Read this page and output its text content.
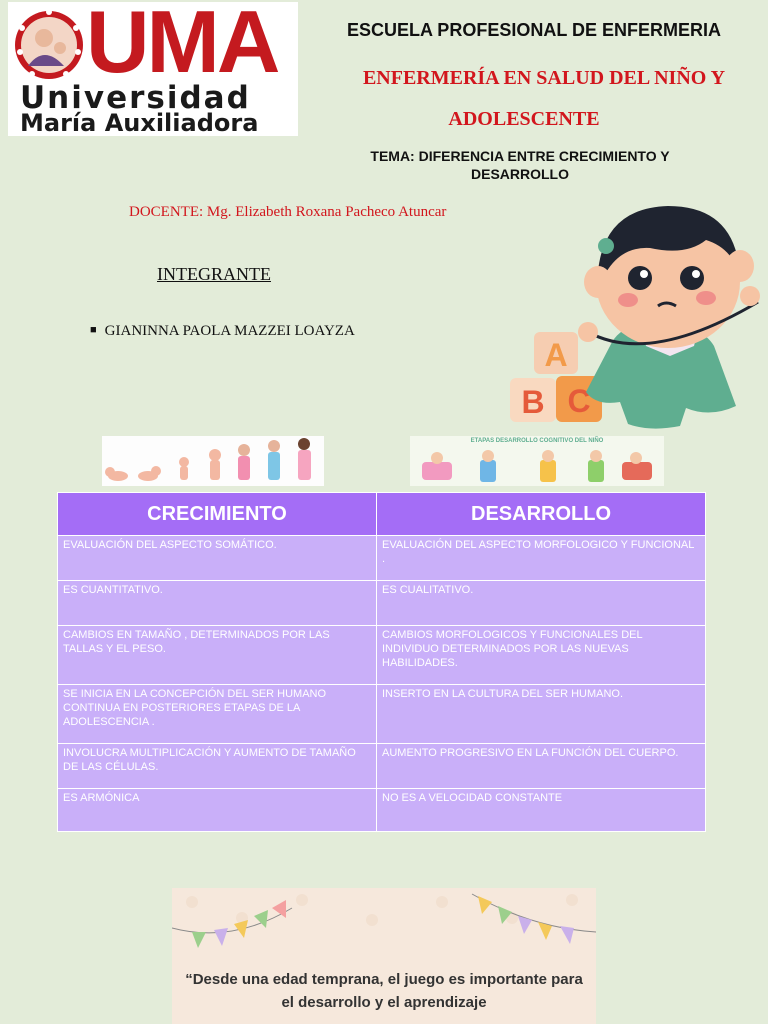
UMA
Universidad
María Auxiliadora
ESCUELA PROFESIONAL DE ENFERMERIA
ENFERMERÍA EN SALUD DEL NIÑO Y
ADOLESCENTE
TEMA: DIFERENCIA ENTRE CRECIMIENTO Y DESARROLLO
DOCENTE: Mg. Elizabeth Roxana Pacheco Atuncar
INTEGRANTE
■ GIANINNA PAOLA MAZZEI LOAYZA
A
B C
ETAPAS DESARROLLO COGNITIVO DEL NIÑO
CRECIMIENTO	DESARROLLO
EVALUACIÓN DEL ASPECTO SOMÁTICO.	EVALUACIÓN DEL ASPECTO MORFOLOGICO Y FUNCIONAL .
ES CUANTITATIVO.	ES CUALITATIVO.
CAMBIOS EN TAMAÑO , DETERMINADOS POR LAS TALLAS Y EL PESO.	CAMBIOS MORFOLOGICOS Y FUNCIONALES DEL INDIVIDUO DETERMINADOS POR LAS NUEVAS HABILIDADES.
SE INICIA EN LA CONCEPCIÓN DEL SER HUMANO CONTINUA EN POSTERIORES ETAPAS DE LA ADOLESCENCIA .	INSERTO EN LA CULTURA DEL SER HUMANO.
INVOLUCRA MULTIPLICACIÓN Y AUMENTO DE TAMAÑO DE LAS CÉLULAS.	AUMENTO PROGRESIVO EN LA FUNCIÓN DEL CUERPO.
ES ARMÓNICA	NO ES A VELOCIDAD CONSTANTE
“Desde una edad temprana, el juego es importante para el desarrollo y el aprendizaje
